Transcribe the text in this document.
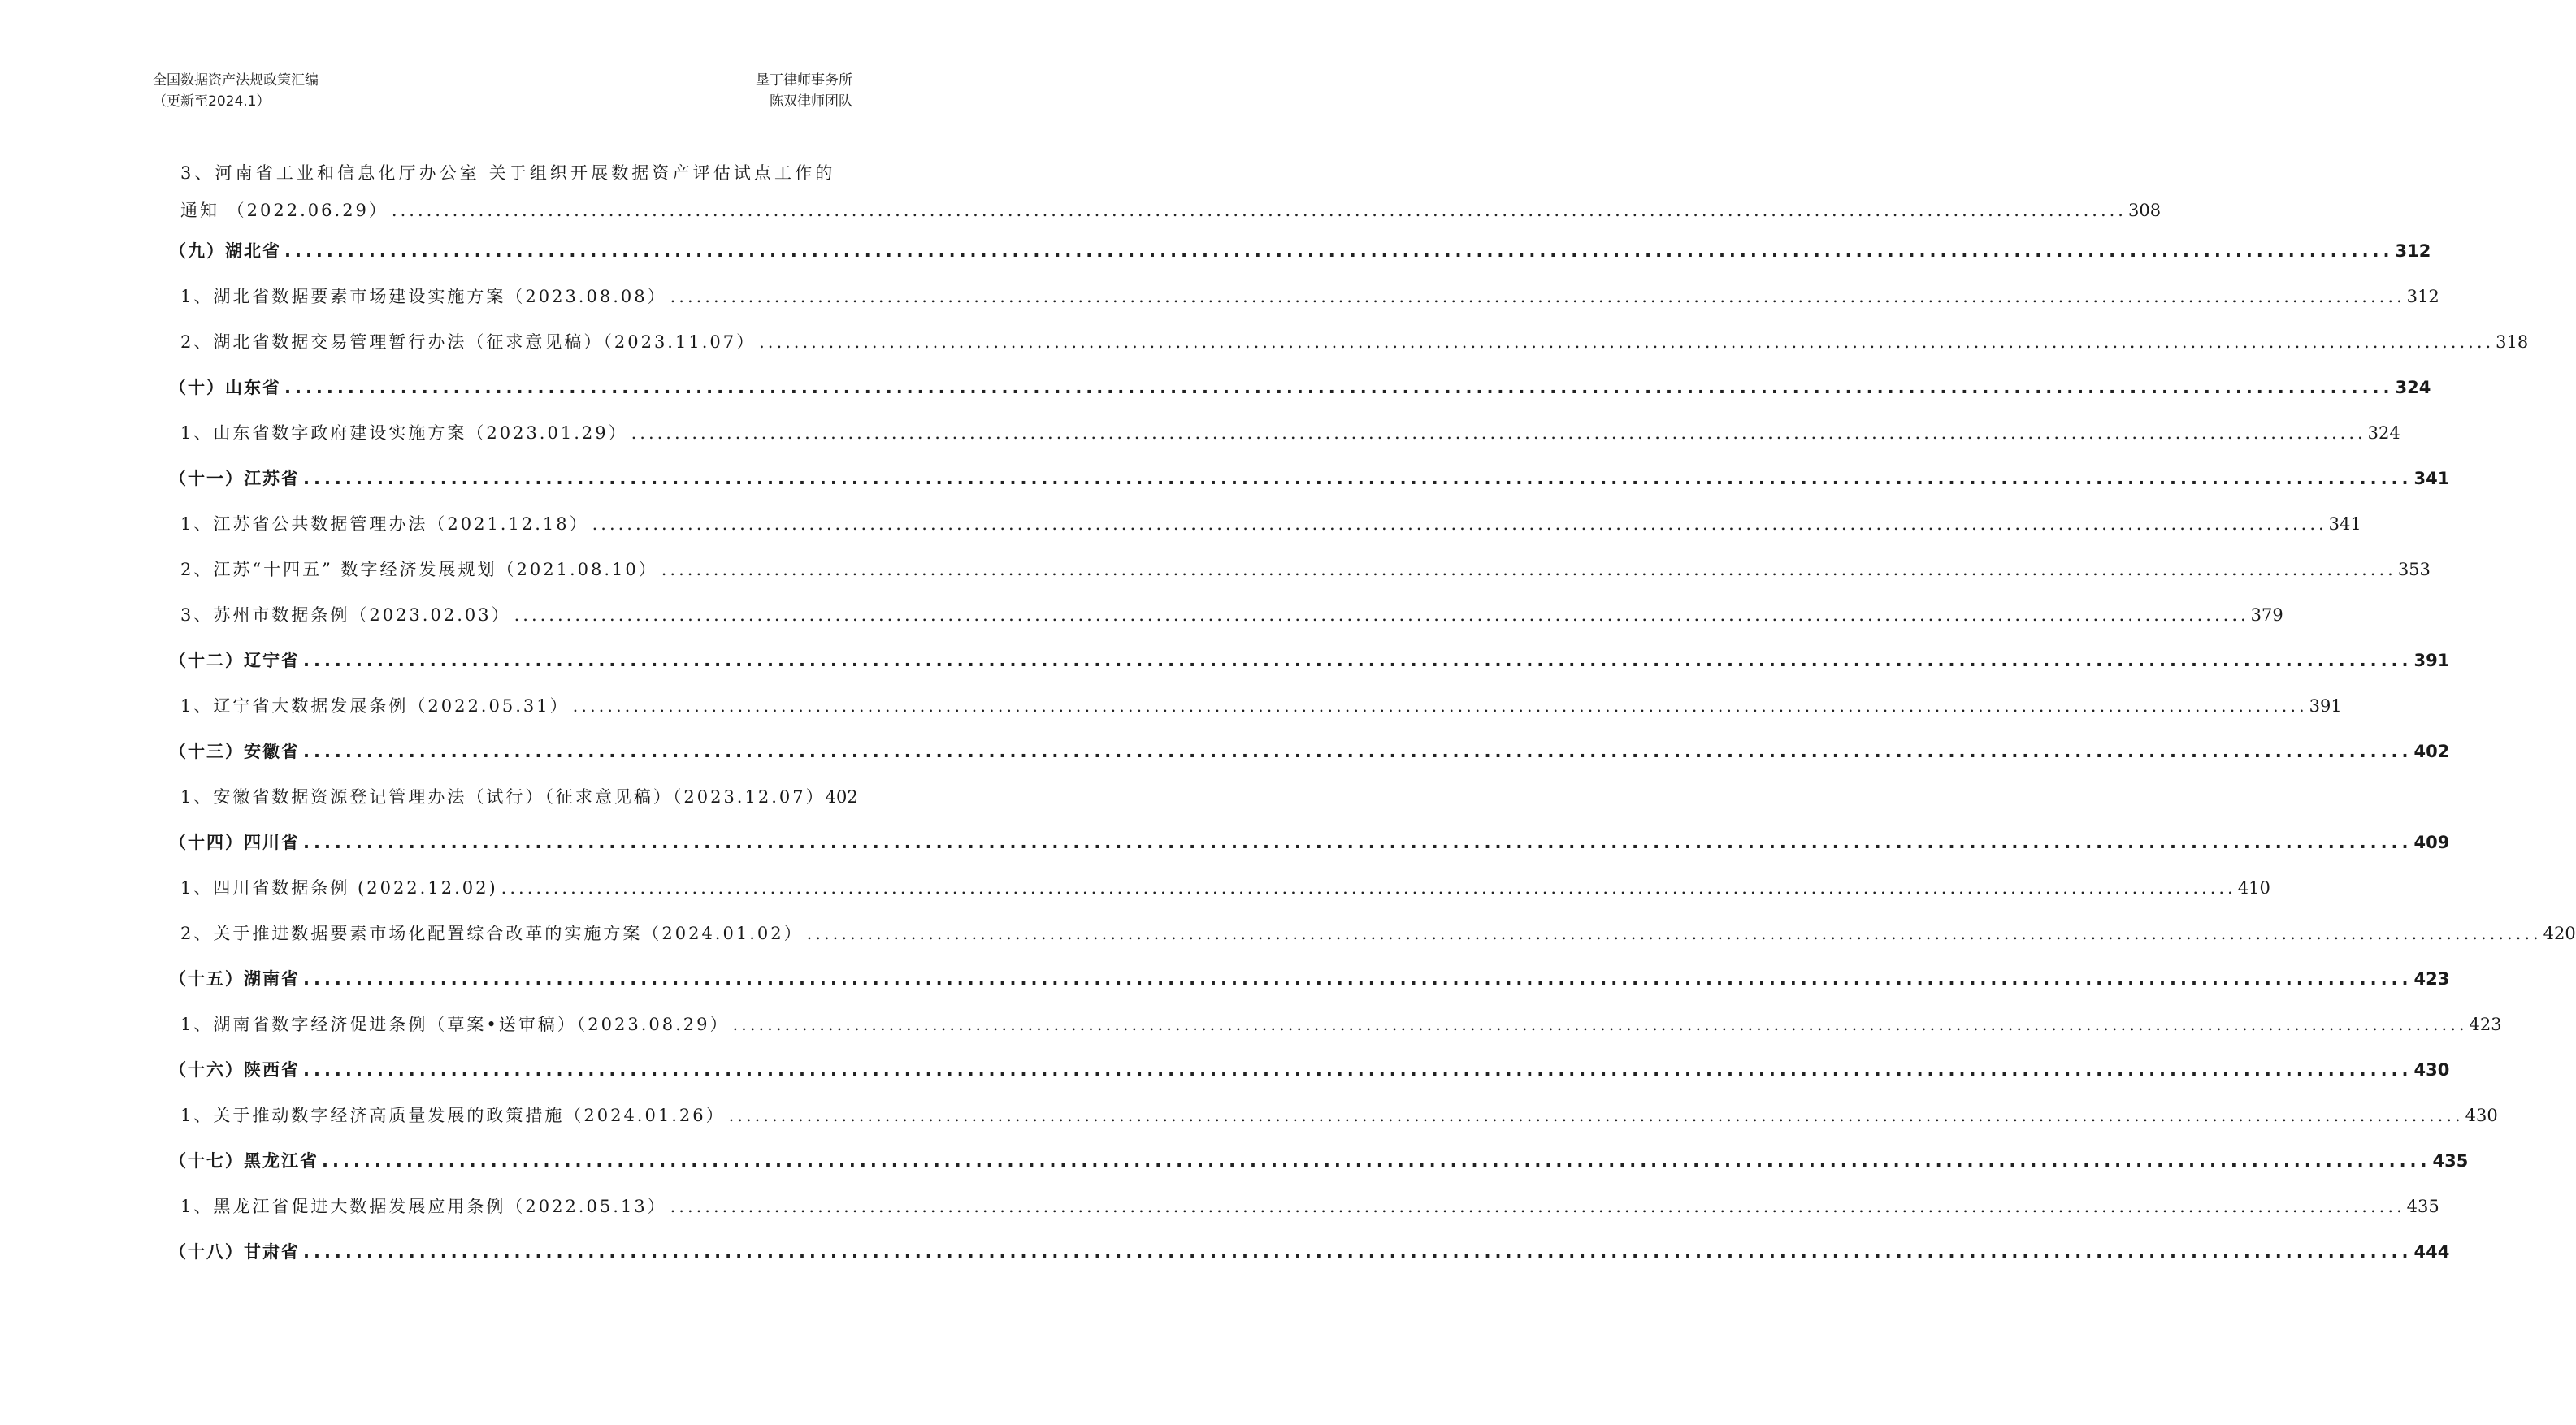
全国数据资产法规政策汇编
（更新至2024.1）
垦丁律师事务所
陈双律师团队
3、河南省工业和信息化厅办公室 关于组织开展数据资产评估试点工作的
通知 （2022.06.29） ........................................................................................................................................................................................................ 308
（九）湖北省 ........................................................................................................................................................................................................ 312
1、湖北省数据要素市场建设实施方案（2023.08.08） ........................................................................................................................................................................................................ 312
2、湖北省数据交易管理暂行办法（征求意见稿）（2023.11.07） ........................................................................................................................................................................................................ 318
（十）山东省 ........................................................................................................................................................................................................ 324
1、山东省数字政府建设实施方案（2023.01.29） ........................................................................................................................................................................................................ 324
（十一）江苏省 ........................................................................................................................................................................................................ 341
1、江苏省公共数据管理办法（2021.12.18） ........................................................................................................................................................................................................ 341
2、江苏“十四五” 数字经济发展规划（2021.08.10） ........................................................................................................................................................................................................ 353
3、苏州市数据条例（2023.02.03） ........................................................................................................................................................................................................ 379
（十二）辽宁省 ........................................................................................................................................................................................................ 391
1、辽宁省大数据发展条例（2022.05.31） ........................................................................................................................................................................................................ 391
（十三）安徽省 ........................................................................................................................................................................................................ 402
1、安徽省数据资源登记管理办法（试行）（征求意见稿）（2023.12.07） 402
（十四）四川省 ........................................................................................................................................................................................................ 409
1、四川省数据条例 (2022.12.02) ........................................................................................................................................................................................................ 410
2、关于推进数据要素市场化配置综合改革的实施方案（2024.01.02） ........................................................................................................................................................................................................ 420
（十五）湖南省 ........................................................................................................................................................................................................ 423
1、湖南省数字经济促进条例（草案•送审稿）（2023.08.29） ........................................................................................................................................................................................................ 423
（十六）陕西省 ........................................................................................................................................................................................................ 430
1、关于推动数字经济高质量发展的政策措施（2024.01.26） ........................................................................................................................................................................................................ 430
（十七）黑龙江省 ........................................................................................................................................................................................................ 435
1、黑龙江省促进大数据发展应用条例（2022.05.13） ........................................................................................................................................................................................................ 435
（十八）甘肃省 ........................................................................................................................................................................................................ 444
